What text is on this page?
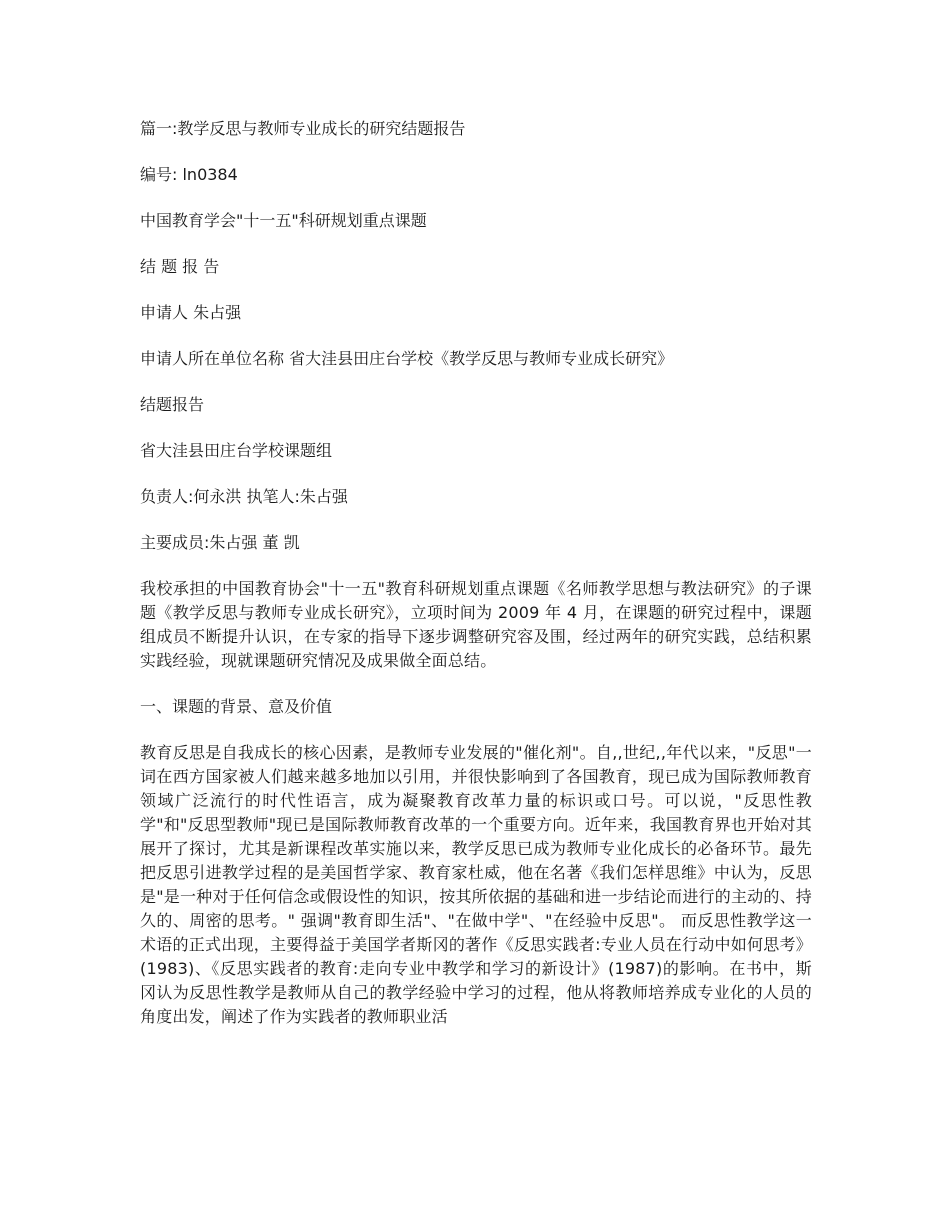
篇一:教学反思与教师专业成长的研究结题报告
编号: ln0384
中国教育学会"十一五"科研规划重点课题
结 题 报 告
申请人 朱占强
申请人所在单位名称 省大洼县田庄台学校《教学反思与教师专业成长研究》
结题报告
省大洼县田庄台学校课题组
负责人:何永洪 执笔人:朱占强
主要成员:朱占强 董 凯
我校承担的中国教育协会"十一五"教育科研规划重点课题《名师教学思想与教法研究》的子课题《教学反思与教师专业成长研究》，立项时间为 2009 年 4 月，在课题的研究过程中，课题组成员不断提升认识，在专家的指导下逐步调整研究容及围，经过两年的研究实践，总结积累实践经验，现就课题研究情况及成果做全面总结。
一、课题的背景、意及价值
教育反思是自我成长的核心因素，是教师专业发展的"催化剂"。自,,世纪,,年代以来，"反思"一词在西方国家被人们越来越多地加以引用，并很快影响到了各国教育，现已成为国际教师教育领域广泛流行的时代性语言，成为凝聚教育改革力量的标识或口号。可以说，"反思性教学"和"反思型教师"现已是国际教师教育改革的一个重要方向。近年来，我国教育界也开始对其展开了探讨，尤其是新课程改革实施以来，教学反思已成为教师专业化成长的必备环节。最先把反思引进教学过程的是美国哲学家、教育家杜威，他在名著《我们怎样思维》中认为，反思是"是一种对于任何信念或假设性的知识，按其所依据的基础和进一步结论而进行的主动的、持久的、周密的思考。" 强调"教育即生活"、"在做中学"、"在经验中反思"。 而反思性教学这一术语的正式出现，主要得益于美国学者斯冈的著作《反思实践者:专业人员在行动中如何思考》(1983)、《反思实践者的教育:走向专业中教学和学习的新设计》(1987)的影响。在书中，斯冈认为反思性教学是教师从自己的教学经验中学习的过程，他从将教师培养成专业化的人员的角度出发，阐述了作为实践者的教师职业活
